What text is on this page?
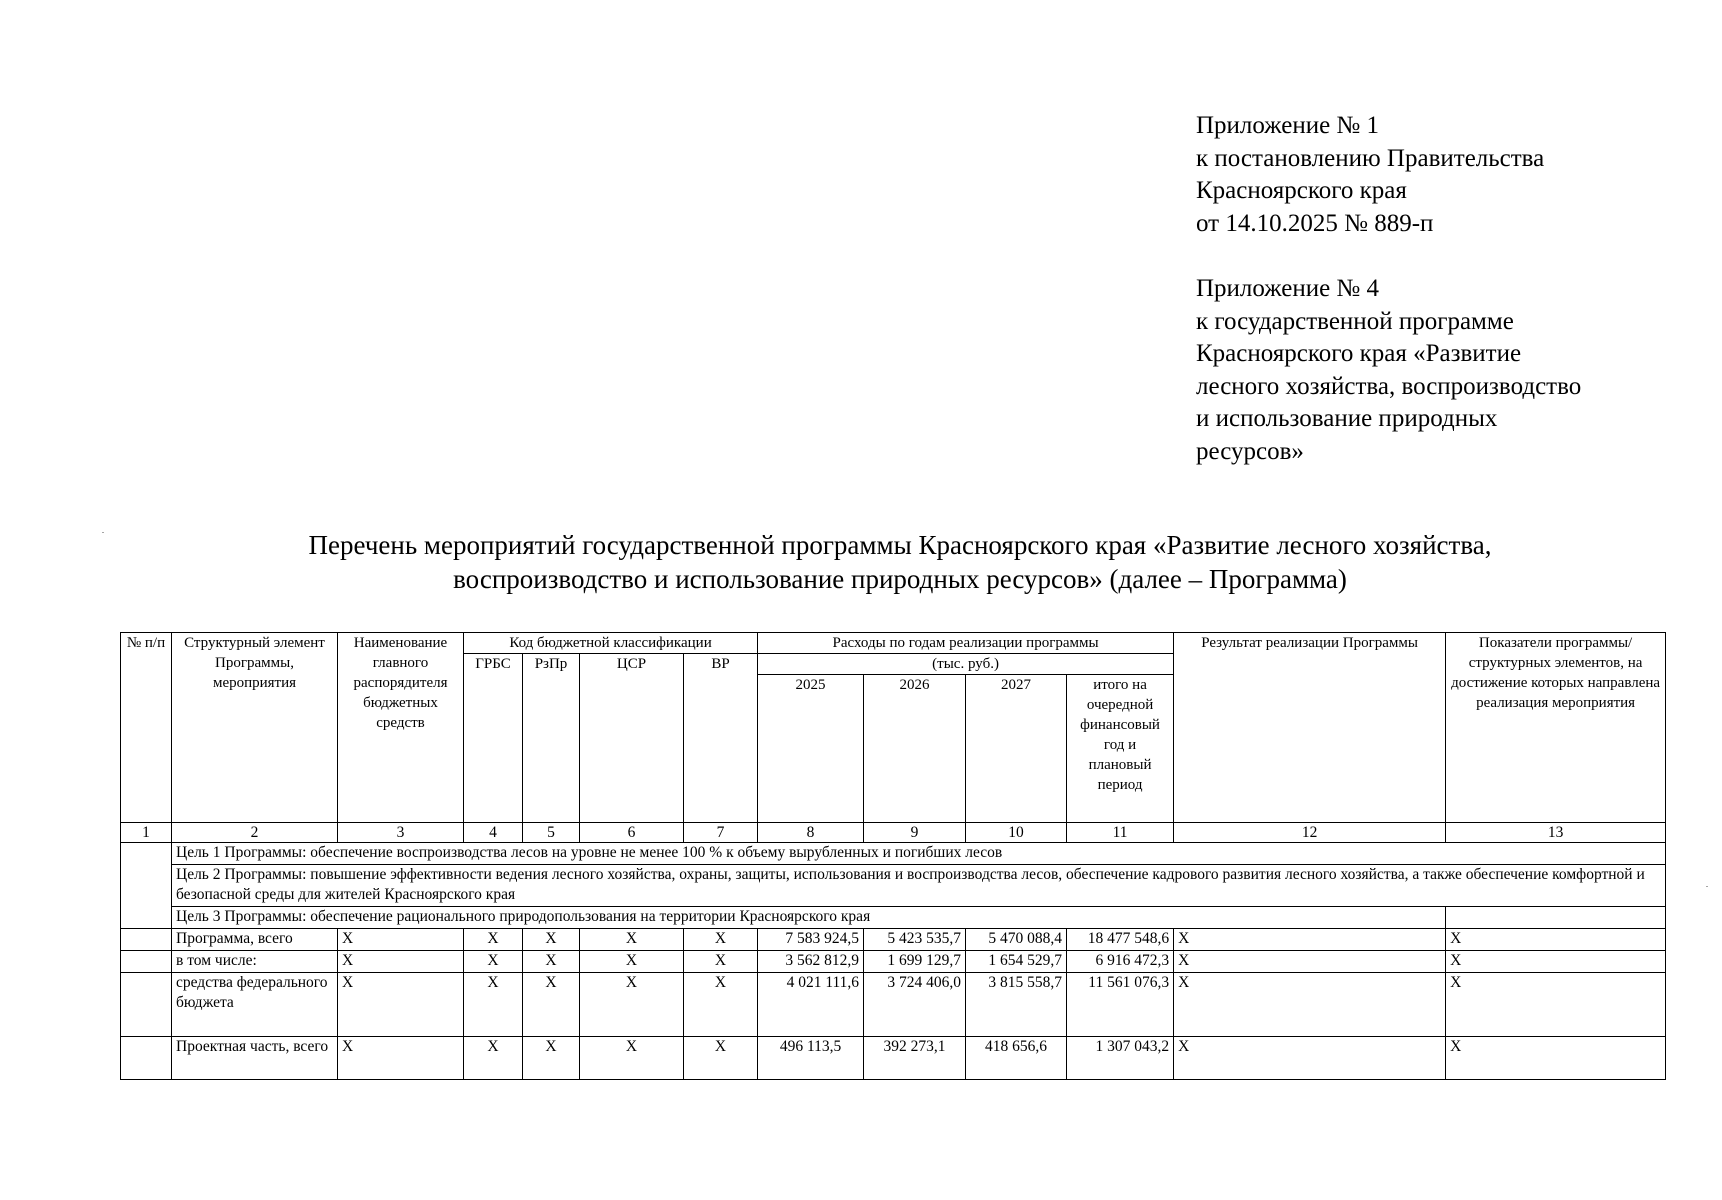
Приложение № 1
к постановлению Правительства
Красноярского края
от 14.10.2025 № 889-п
Приложение № 4
к государственной программе
Красноярского края «Развитие
лесного хозяйства, воспроизводство
и использование природных
ресурсов»
-
-
Перечень мероприятий государственной программы Красноярского края «Развитие лесного хозяйства,
воспроизводство и использование природных ресурсов» (далее – Программа)
№ п/п	Структурный элемент Программы, мероприятия	Наименование главного распорядителя бюджетных средств	Код бюджетной классификации				Расходы по годам реализации программы				Результат реализации Программы	Показатели программы/ структурных элементов, на достижение которых направлена реализация мероприятия
			ГРБС	РзПр	ЦСР	ВР	(тыс. руб.)					
							2025	2026	2027	итого на очередной финансовый год и плановый период		
1	2	3	4	5	6	7	8	9	10	11	12	13
	Цель 1 Программы: обеспечение воспроизводства лесов на уровне не менее 100 % к объему вырубленных и погибших лесов											
	Цель 2 Программы: повышение эффективности ведения лесного хозяйства, охраны, защиты, использования и воспроизводства лесов, обеспечение кадрового развития лесного хозяйства, а также обеспечение комфортной и безопасной среды для жителей Красноярского края											
	Цель 3 Программы: обеспечение рационального природопользования на территории Красноярского края											
	Программа, всего	X	X	X	X	X	7 583 924,5	5 423 535,7	5 470 088,4	18 477 548,6	X	X
	в том числе:	X	X	X	X	X	3 562 812,9	1 699 129,7	1 654 529,7	6 916 472,3	X	X
	средства федерального бюджета	X	X	X	X	X	4 021 111,6	3 724 406,0	3 815 558,7	11 561 076,3	X	X
	Проектная часть, всего	X	X	X	X	X	496 113,5	392 273,1	418 656,6	1 307 043,2	X	X
